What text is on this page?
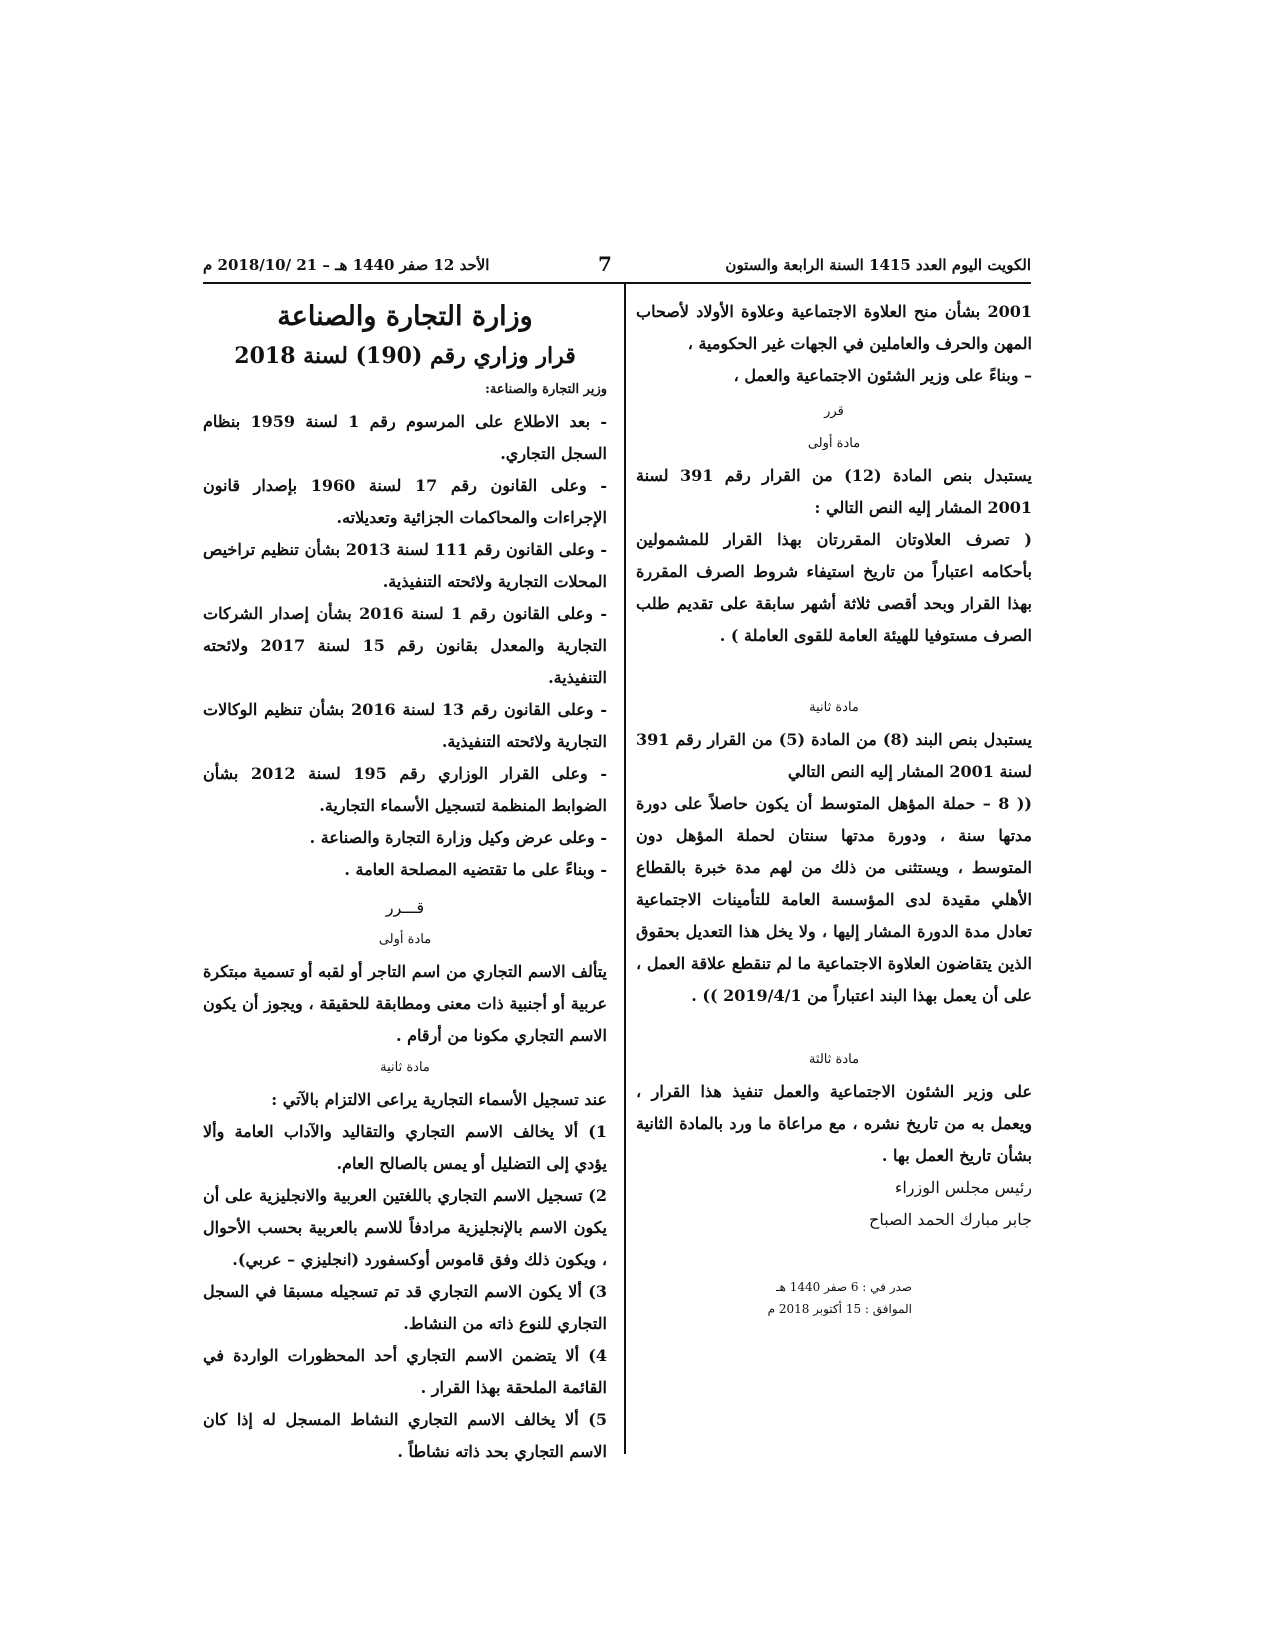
الكويت اليوم العدد 1415 السنة الرابعة والستون
7
الأحد 12 صفر 1440 هـ – 21 /2018/10 م

2001 بشأن منح العلاوة الاجتماعية وعلاوة الأولاد لأصحاب المهن والحرف والعاملين في الجهات غير الحكومية ،

– وبناءً على وزير الشئون الاجتماعية والعمل ،

قرر

مادة أولى

يستبدل بنص المادة (12) من القرار رقم 391 لسنة 2001 المشار إليه النص التالي :

( تصرف العلاوتان المقررتان بهذا القرار للمشمولين بأحكامه اعتباراً من تاريخ استيفاء شروط الصرف المقررة بهذا القرار وبحد أقصى ثلاثة أشهر سابقة على تقديم طلب الصرف مستوفيا للهيئة العامة للقوى العاملة ) .

مادة ثانية

يستبدل بنص البند (8) من المادة (5) من القرار رقم 391 لسنة 2001 المشار إليه النص التالي

(( 8 – حملة المؤهل المتوسط أن يكون حاصلاً على دورة مدتها سنة ، ودورة مدتها سنتان لحملة المؤهل دون المتوسط ، ويستثنى من ذلك من لهم مدة خبرة بالقطاع الأهلي مقيدة لدى المؤسسة العامة للتأمينات الاجتماعية تعادل مدة الدورة المشار إليها ، ولا يخل هذا التعديل بحقوق الذين يتقاضون العلاوة الاجتماعية ما لم تنقطع علاقة العمل ، على أن يعمل بهذا البند اعتباراً من 2019/4/1 )) .

مادة ثالثة

على وزير الشئون الاجتماعية والعمل تنفيذ هذا القرار ، ويعمل به من تاريخ نشره ، مع مراعاة ما ورد بالمادة الثانية بشأن تاريخ العمل بها .

رئيس مجلس الوزراء

جابر مبارك الحمد الصباح

صدر في : 6 صفر 1440 هـ
الموافق : 15 أكتوبر 2018 م

وزارة التجارة والصناعة

قرار وزاري رقم (190) لسنة 2018

وزير التجارة والصناعة:

- بعد الاطلاع على المرسوم رقم 1 لسنة 1959 بنظام السجل التجاري.

- وعلى القانون رقم 17 لسنة 1960 بإصدار قانون الإجراءات والمحاكمات الجزائية وتعديلاته.

- وعلى القانون رقم 111 لسنة 2013 بشأن تنظيم تراخيص المحلات التجارية ولائحته التنفيذية.

- وعلى القانون رقم 1 لسنة 2016 بشأن إصدار الشركات التجارية والمعدل بقانون رقم 15 لسنة 2017 ولائحته التنفيذية.

- وعلى القانون رقم 13 لسنة 2016 بشأن تنظيم الوكالات التجارية ولائحته التنفيذية.

- وعلى القرار الوزاري رقم 195 لسنة 2012 بشأن الضوابط المنظمة لتسجيل الأسماء التجارية.

- وعلى عرض وكيل وزارة التجارة والصناعة .

- وبناءً على ما تقتضيه المصلحة العامة .

قـــرر

مادة أولى

يتألف الاسم التجاري من اسم التاجر أو لقبه أو تسمية مبتكرة عربية أو أجنبية ذات معنى ومطابقة للحقيقة ، ويجوز أن يكون الاسم التجاري مكونا من أرقام .

مادة ثانية

عند تسجيل الأسماء التجارية يراعى الالتزام بالآتي :

1) ألا يخالف الاسم التجاري والتقاليد والآداب العامة وألا يؤدي إلى التضليل أو يمس بالصالح العام.

2) تسجيل الاسم التجاري باللغتين العربية والانجليزية على أن يكون الاسم بالإنجليزية مرادفاً للاسم بالعربية بحسب الأحوال ، ويكون ذلك وفق قاموس أوكسفورد (انجليزي – عربي).

3) ألا يكون الاسم التجاري قد تم تسجيله مسبقا في السجل التجاري للنوع ذاته من النشاط.

4) ألا يتضمن الاسم التجاري أحد المحظورات الواردة في القائمة الملحقة بهذا القرار .

5) ألا يخالف الاسم التجاري النشاط المسجل له إذا كان الاسم التجاري بحد ذاته نشاطاً .
